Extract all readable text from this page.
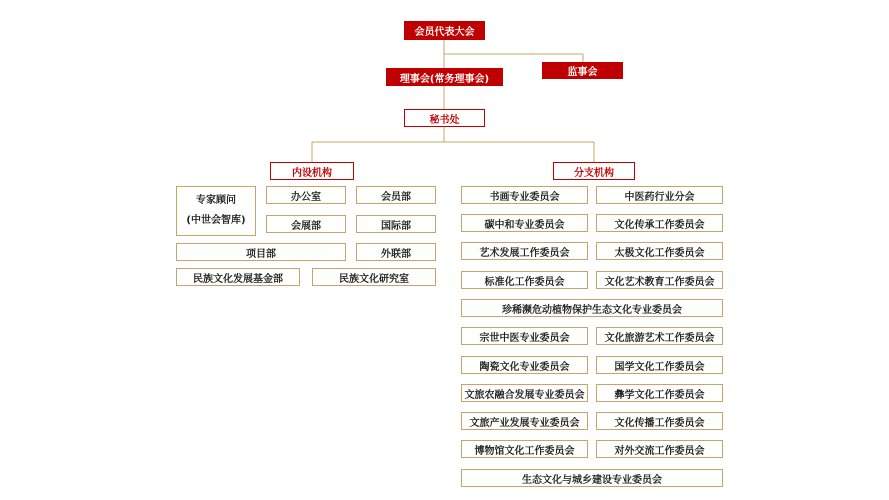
会员代表大会
理事会(常务理事会)
监事会
秘书处
内设机构
专家顾问
(中世会智库)
办公室	会员部
会展部	国际部
项目部	外联部
民族文化发展基金部	民族文化研究室
分支机构
书画专业委员会	中医药行业分会
碳中和专业委员会	文化传承工作委员会
艺术发展工作委员会	太极文化工作委员会
标准化工作委员会	文化艺术教育工作委员会
珍稀濒危动植物保护生态文化专业委员会
宗世中医专业委员会	文化旅游艺术工作委员会
陶瓷文化专业委员会	国学文化工作委员会
文旅农融合发展专业委员会	彝学文化工作委员会
文旅产业发展专业委员会	文化传播工作委员会
博物馆文化工作委员会	对外交流工作委员会
生态文化与城乡建设专业委员会
